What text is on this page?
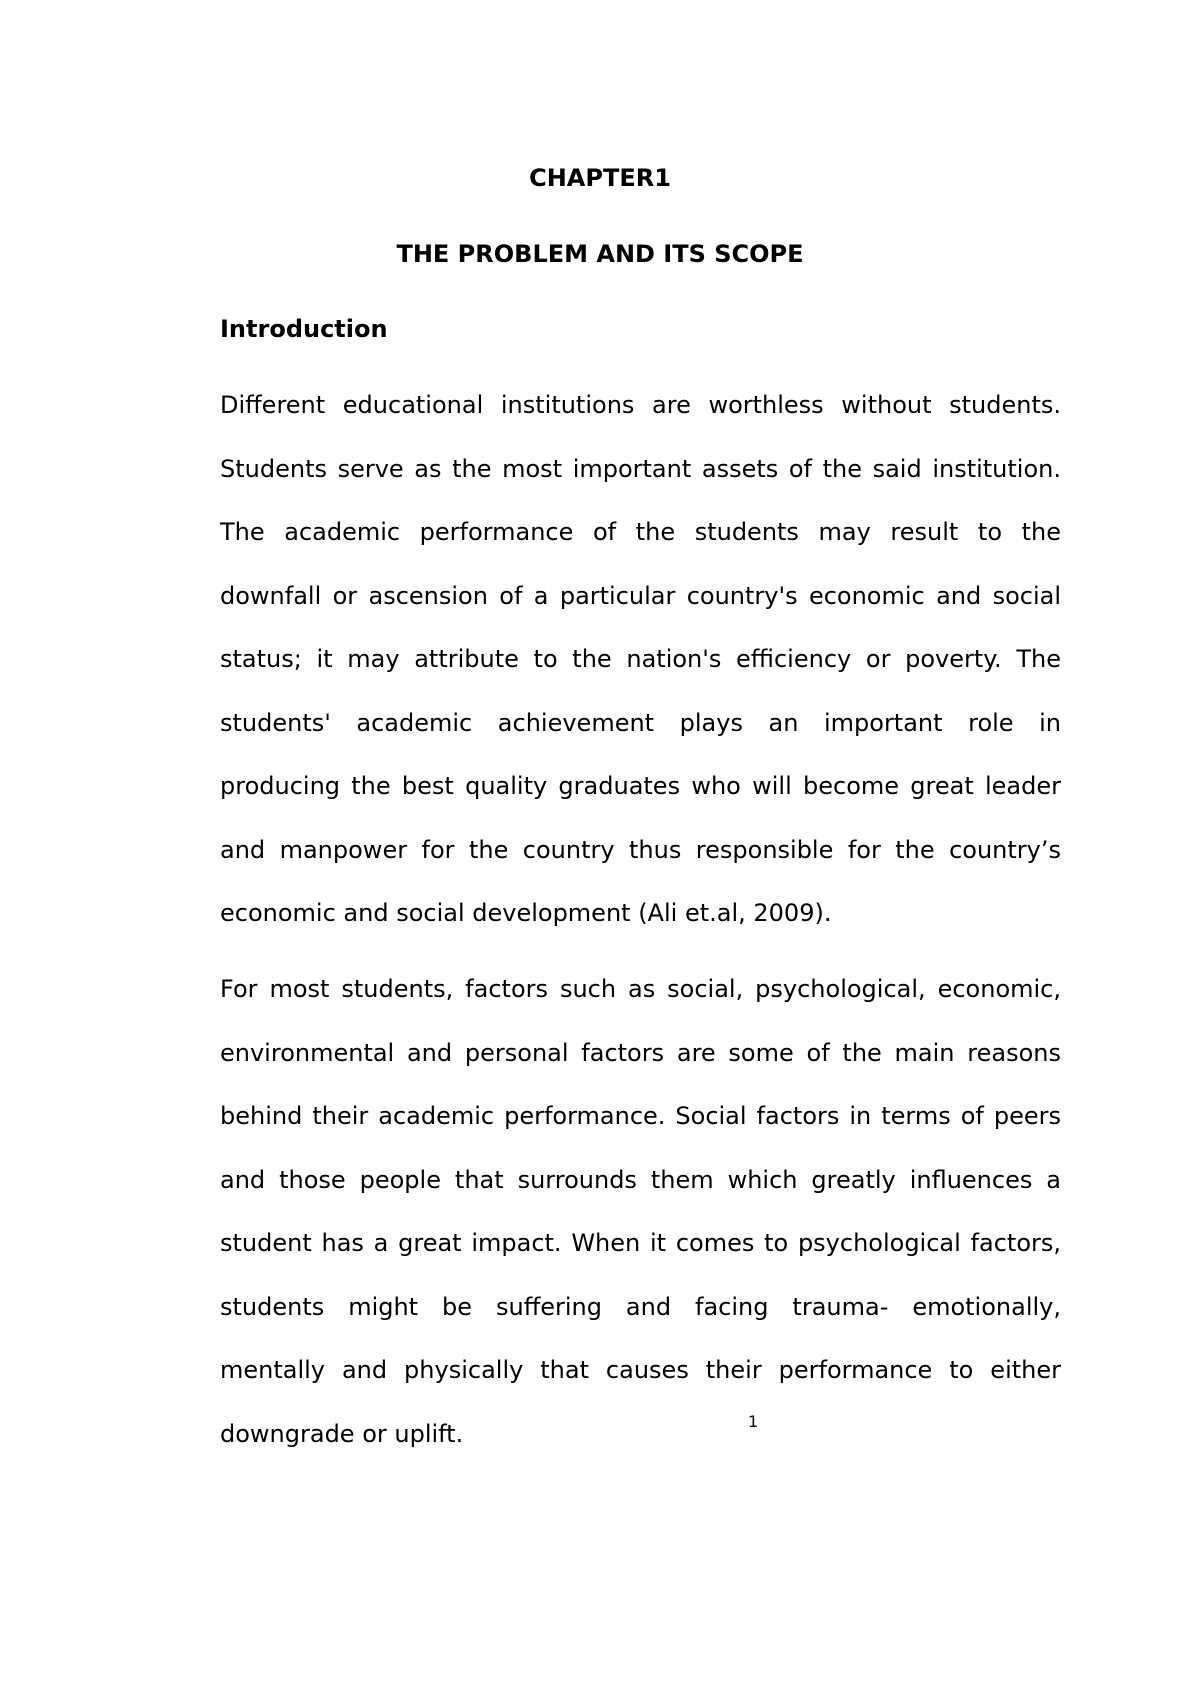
CHAPTER1
THE PROBLEM AND ITS SCOPE
Introduction
Different educational institutions are worthless without students.
Students serve as the most important assets of the said institution.
The academic performance of the students may result to the
downfall or ascension of a particular country's economic and social
status; it may attribute to the nation's efficiency or poverty. The
students' academic achievement plays an important role in
producing the best quality graduates who will become great leader
and manpower for the country thus responsible for the country’s
economic and social development (Ali et.al, 2009).
For most students, factors such as social, psychological, economic,
environmental and personal factors are some of the main reasons
behind their academic performance. Social factors in terms of peers
and those people that surrounds them which greatly influences a
student has a great impact. When it comes to psychological factors,
students might be suffering and facing trauma- emotionally,
mentally and physically that causes their performance to either
downgrade or uplift.	1
